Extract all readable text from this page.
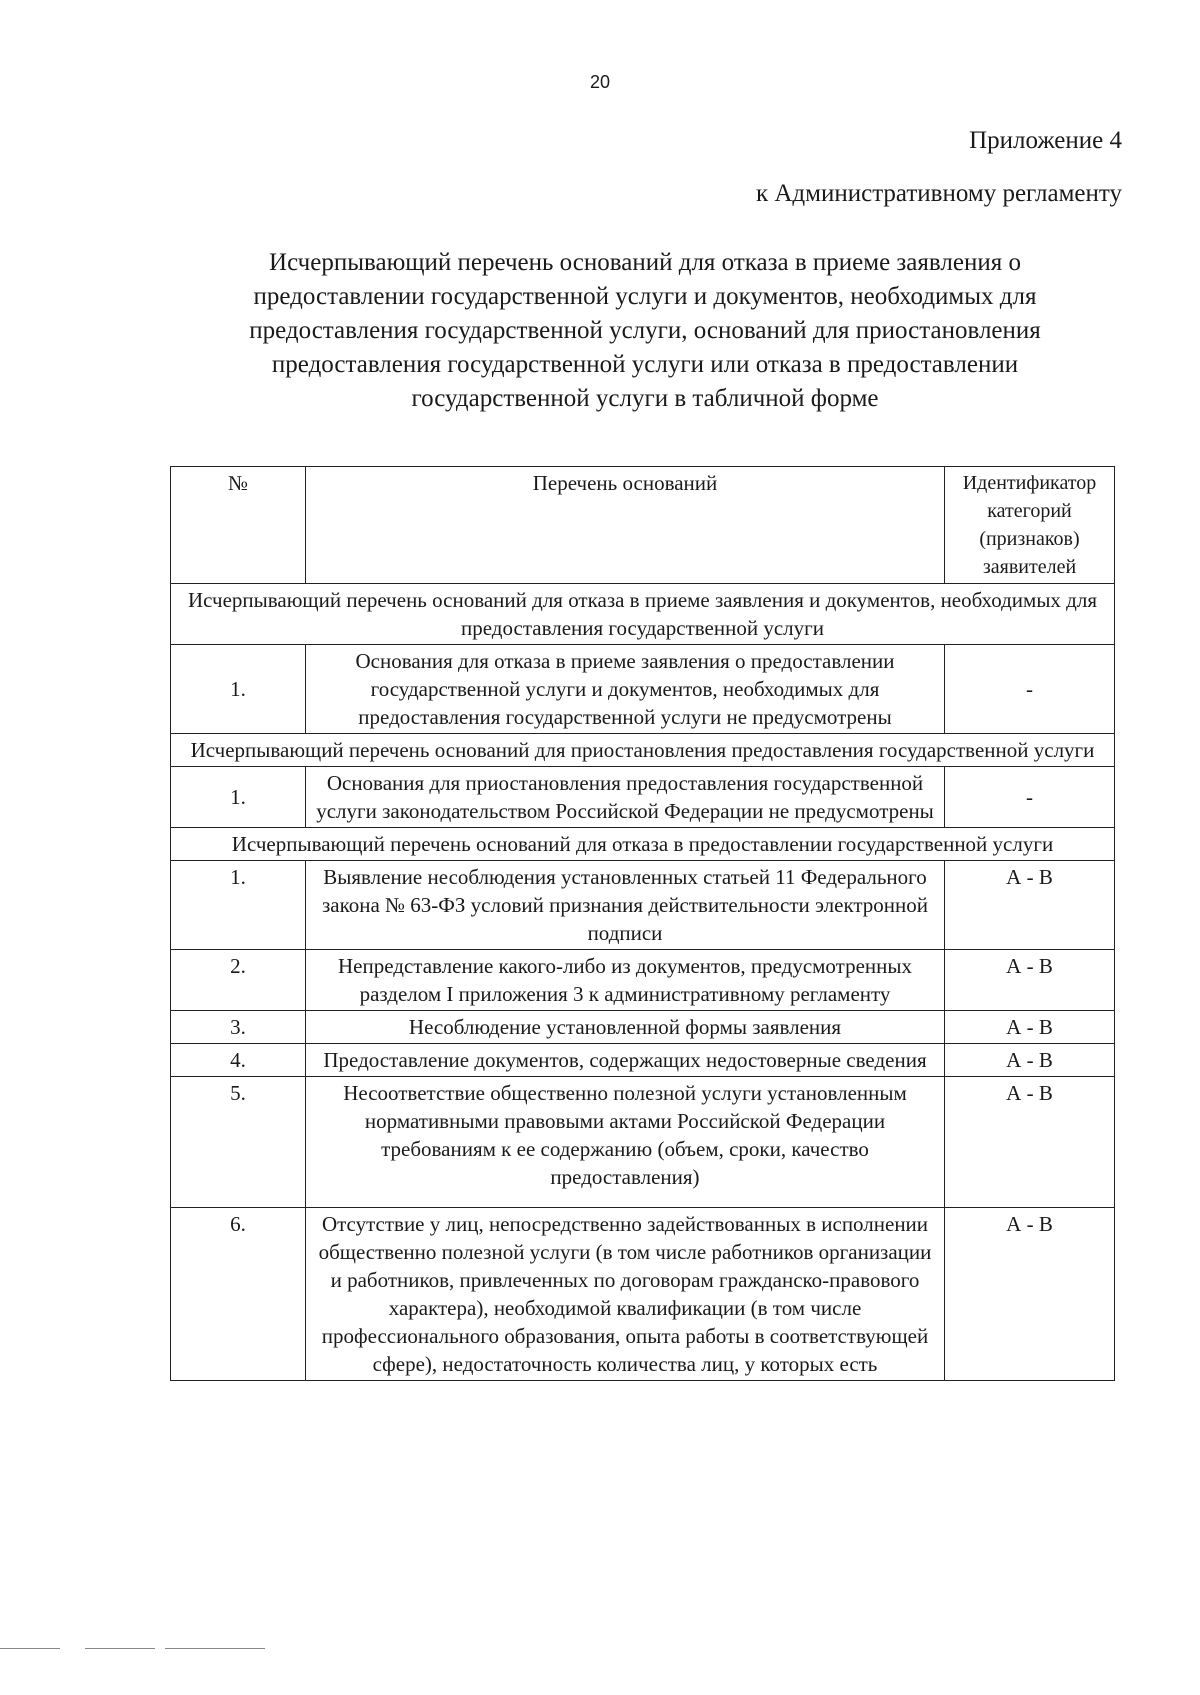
20
Приложение 4
к Административному регламенту
Исчерпывающий перечень оснований для отказа в приеме заявления о предоставлении государственной услуги и документов, необходимых для предоставления государственной услуги, оснований для приостановления предоставления государственной услуги или отказа в предоставлении государственной услуги в табличной форме
№	Перечень оснований	Идентификатор категорий (признаков) заявителей
Исчерпывающий перечень оснований для отказа в приеме заявления и документов, необходимых для предоставления государственной услуги		
1.	Основания для отказа в приеме заявления о предоставлении государственной услуги и документов, необходимых для предоставления государственной услуги не предусмотрены	-
Исчерпывающий перечень оснований для приостановления предоставления государственной услуги		
1.	Основания для приостановления предоставления государственной услуги законодательством Российской Федерации не предусмотрены	-
Исчерпывающий перечень оснований для отказа в предоставлении государственной услуги		
1.	Выявление несоблюдения установленных статьей 11 Федерального закона № 63-ФЗ условий признания действительности электронной подписи	А - В
2.	Непредставление какого-либо из документов, предусмотренных разделом I приложения 3 к административному регламенту	А - В
3.	Несоблюдение установленной формы заявления	А - В
4.	Предоставление документов, содержащих недостоверные сведения	А - В
5.	Несоответствие общественно полезной услуги установленным нормативными правовыми актами Российской Федерации требованиям к ее содержанию (объем, сроки, качество предоставления)	А - В
6.	Отсутствие у лиц, непосредственно задействованных в исполнении общественно полезной услуги (в том числе работников организации и работников, привлеченных по договорам гражданско-правового характера), необходимой квалификации (в том числе профессионального образования, опыта работы в соответствующей сфере), недостаточность количества лиц, у которых есть	А - В
